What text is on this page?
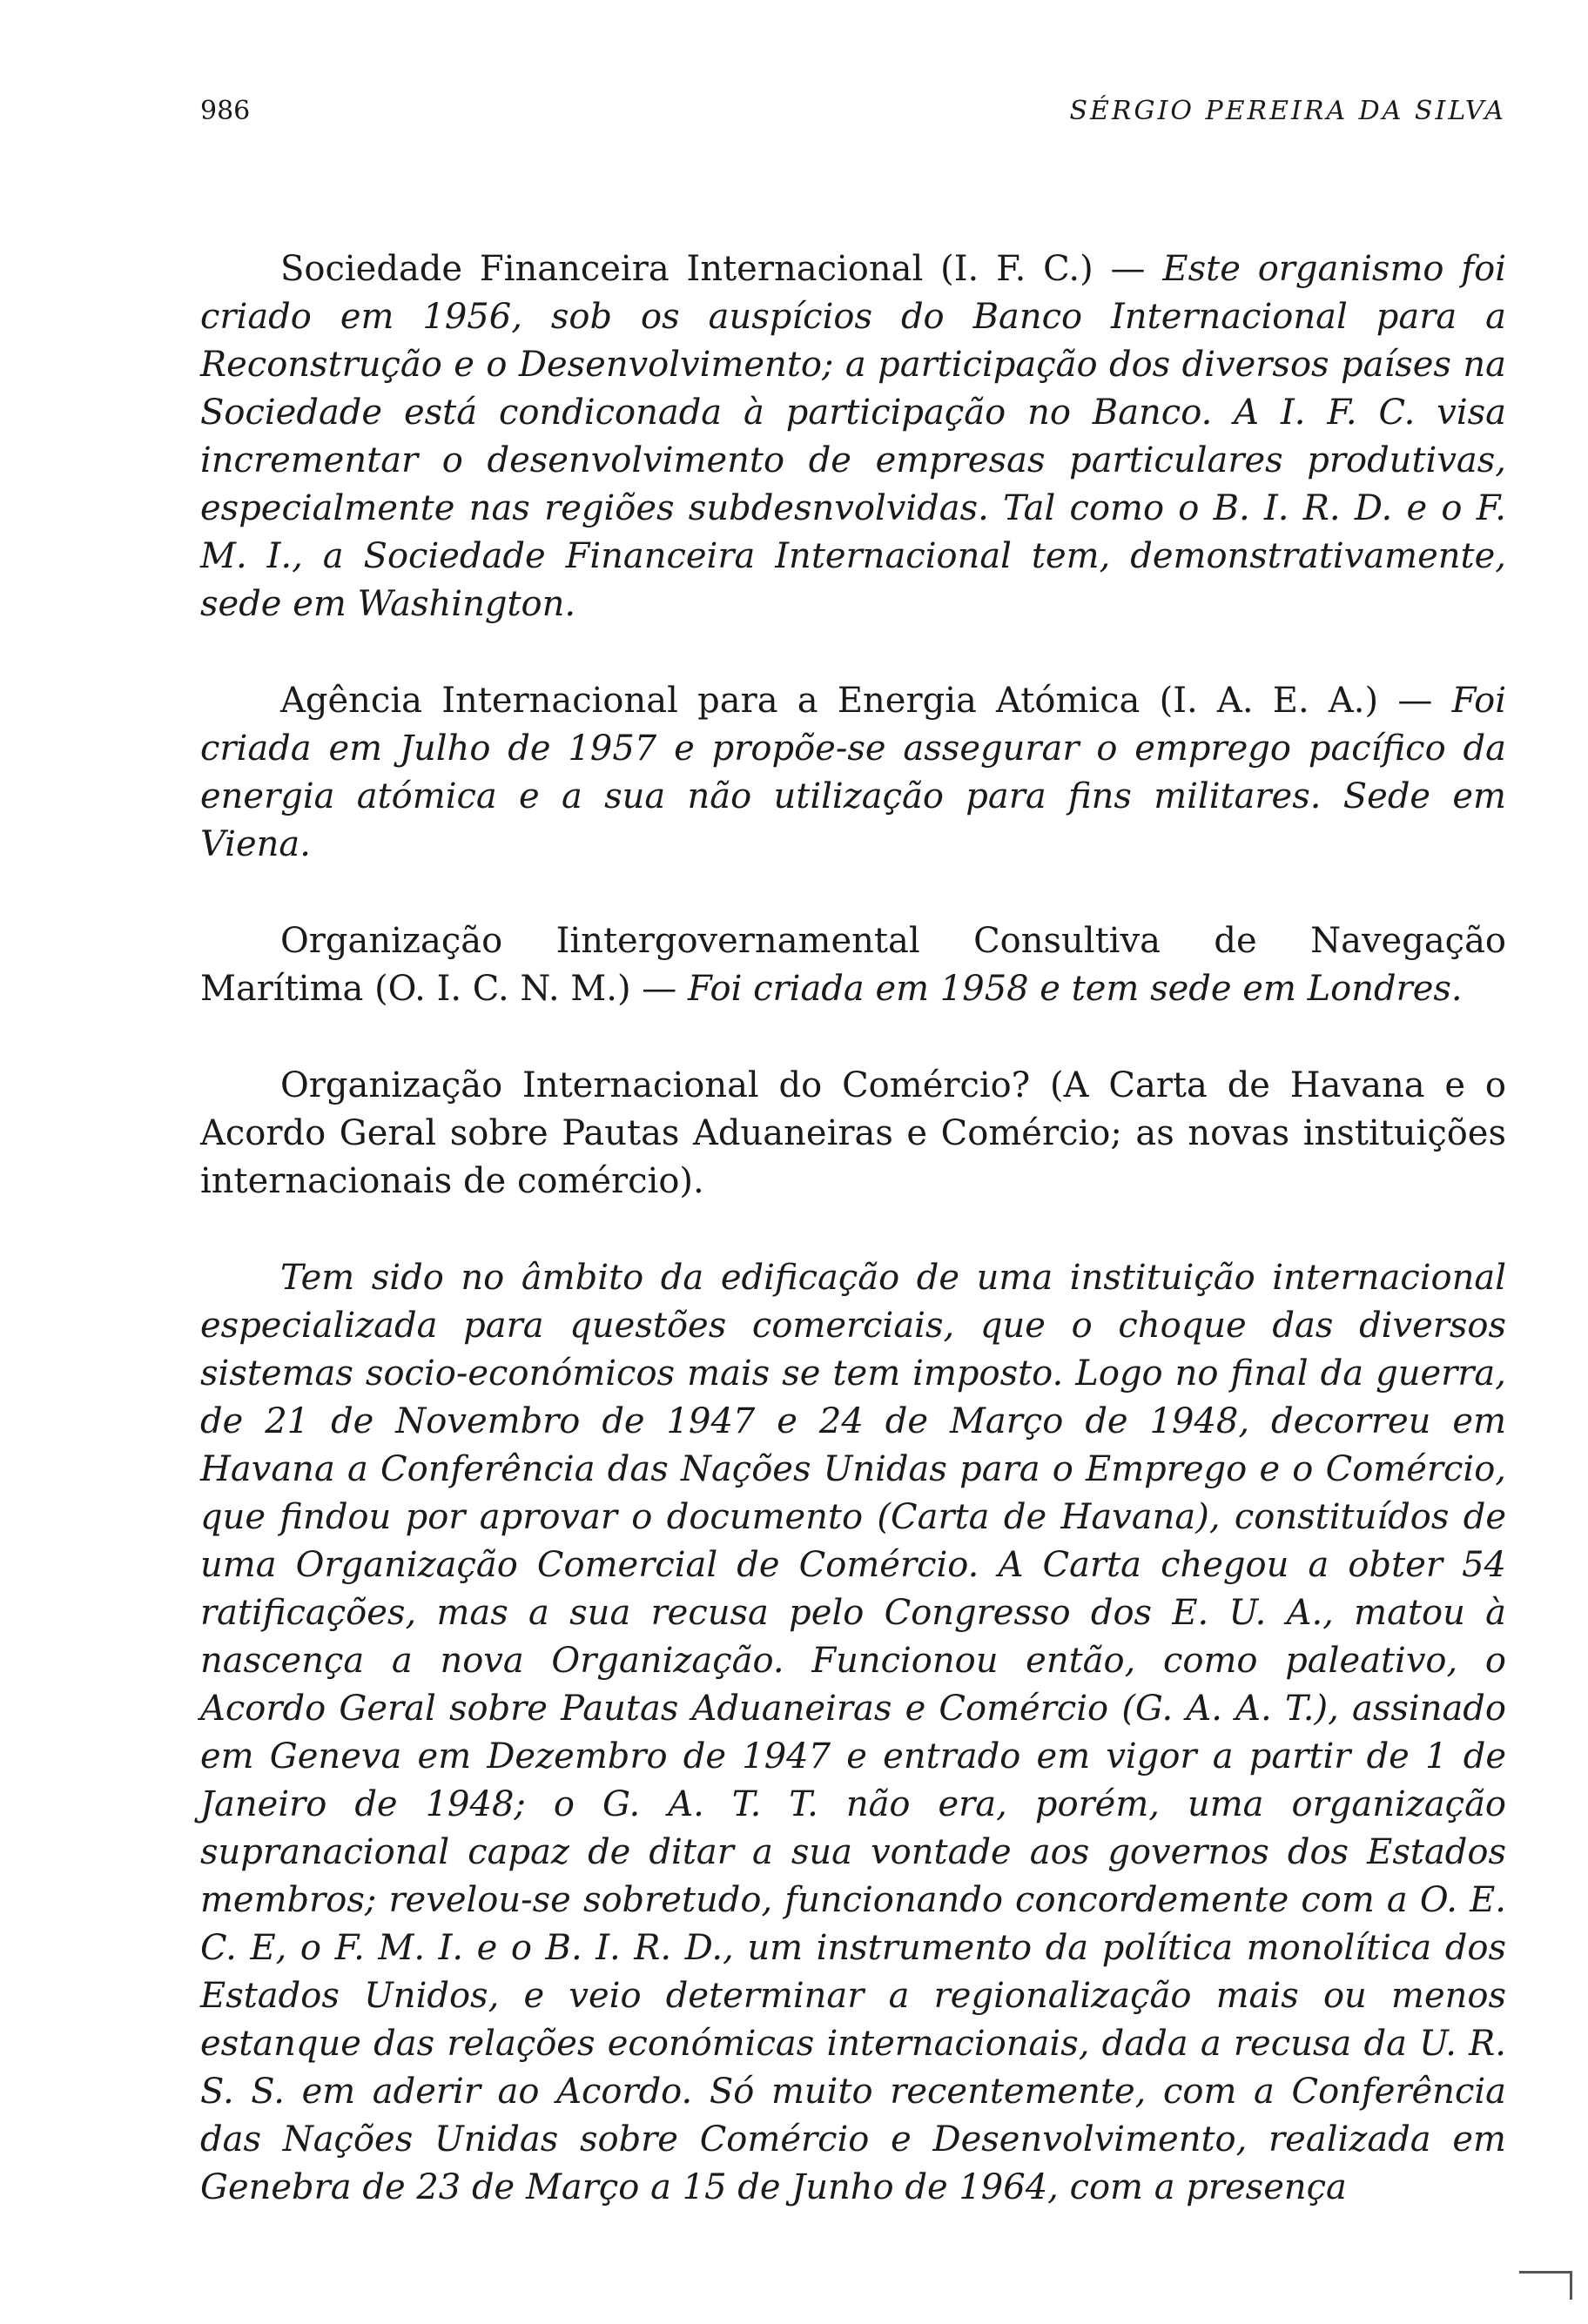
986	SÉRGIO PEREIRA DA SILVA

Sociedade Financeira Internacional (I. F. C.) — Este organismo foi criado em 1956, sob os auspícios do Banco Internacional para a Reconstrução e o Desenvolvimento; a participação dos diversos países na Sociedade está condiconada à participação no Banco. A I. F. C. visa incrementar o desenvolvimento de empresas particulares produtivas, especialmente nas regiões subdesnvolvidas. Tal como o B. I. R. D. e o F. M. I., a Sociedade Financeira Internacional tem, demonstrativamente, sede em Washington.

Agência Internacional para a Energia Atómica (I. A. E. A.) — Foi criada em Julho de 1957 e propõe-se assegurar o emprego pacífico da energia atómica e a sua não utilização para fins militares. Sede em Viena.

Organização Iintergovernamental Consultiva de Navegação Marítima (O. I. C. N. M.) — Foi criada em 1958 e tem sede em Londres.

Organização Internacional do Comércio? (A Carta de Havana e o Acordo Geral sobre Pautas Aduaneiras e Comércio; as novas instituições internacionais de comércio).

Tem sido no âmbito da edificação de uma instituição internacional especializada para questões comerciais, que o choque das diversos sistemas socio-económicos mais se tem imposto. Logo no final da guerra, de 21 de Novembro de 1947 e 24 de Março de 1948, decorreu em Havana a Conferência das Nações Unidas para o Emprego e o Comércio, que findou por aprovar o documento (Carta de Havana), constituídos de uma Organização Comercial de Comércio. A Carta chegou a obter 54 ratificações, mas a sua recusa pelo Congresso dos E. U. A., matou à nascença a nova Organização. Funcionou então, como paleativo, o Acordo Geral sobre Pautas Aduaneiras e Comércio (G. A. A. T.), assinado em Geneva em Dezembro de 1947 e entrado em vigor a partir de 1 de Janeiro de 1948; o G. A. T. T. não era, porém, uma organização supranacional capaz de ditar a sua vontade aos governos dos Estados membros; revelou-se sobretudo, funcionando concordemente com a O. E. C. E, o F. M. I. e o B. I. R. D., um instrumento da política monolítica dos Estados Unidos, e veio determinar a regionalização mais ou menos estanque das relações económicas internacionais, dada a recusa da U. R. S. S. em aderir ao Acordo. Só muito recentemente, com a Conferência das Nações Unidas sobre Comércio e Desenvolvimento, realizada em Genebra de 23 de Março a 15 de Junho de 1964, com a presença
